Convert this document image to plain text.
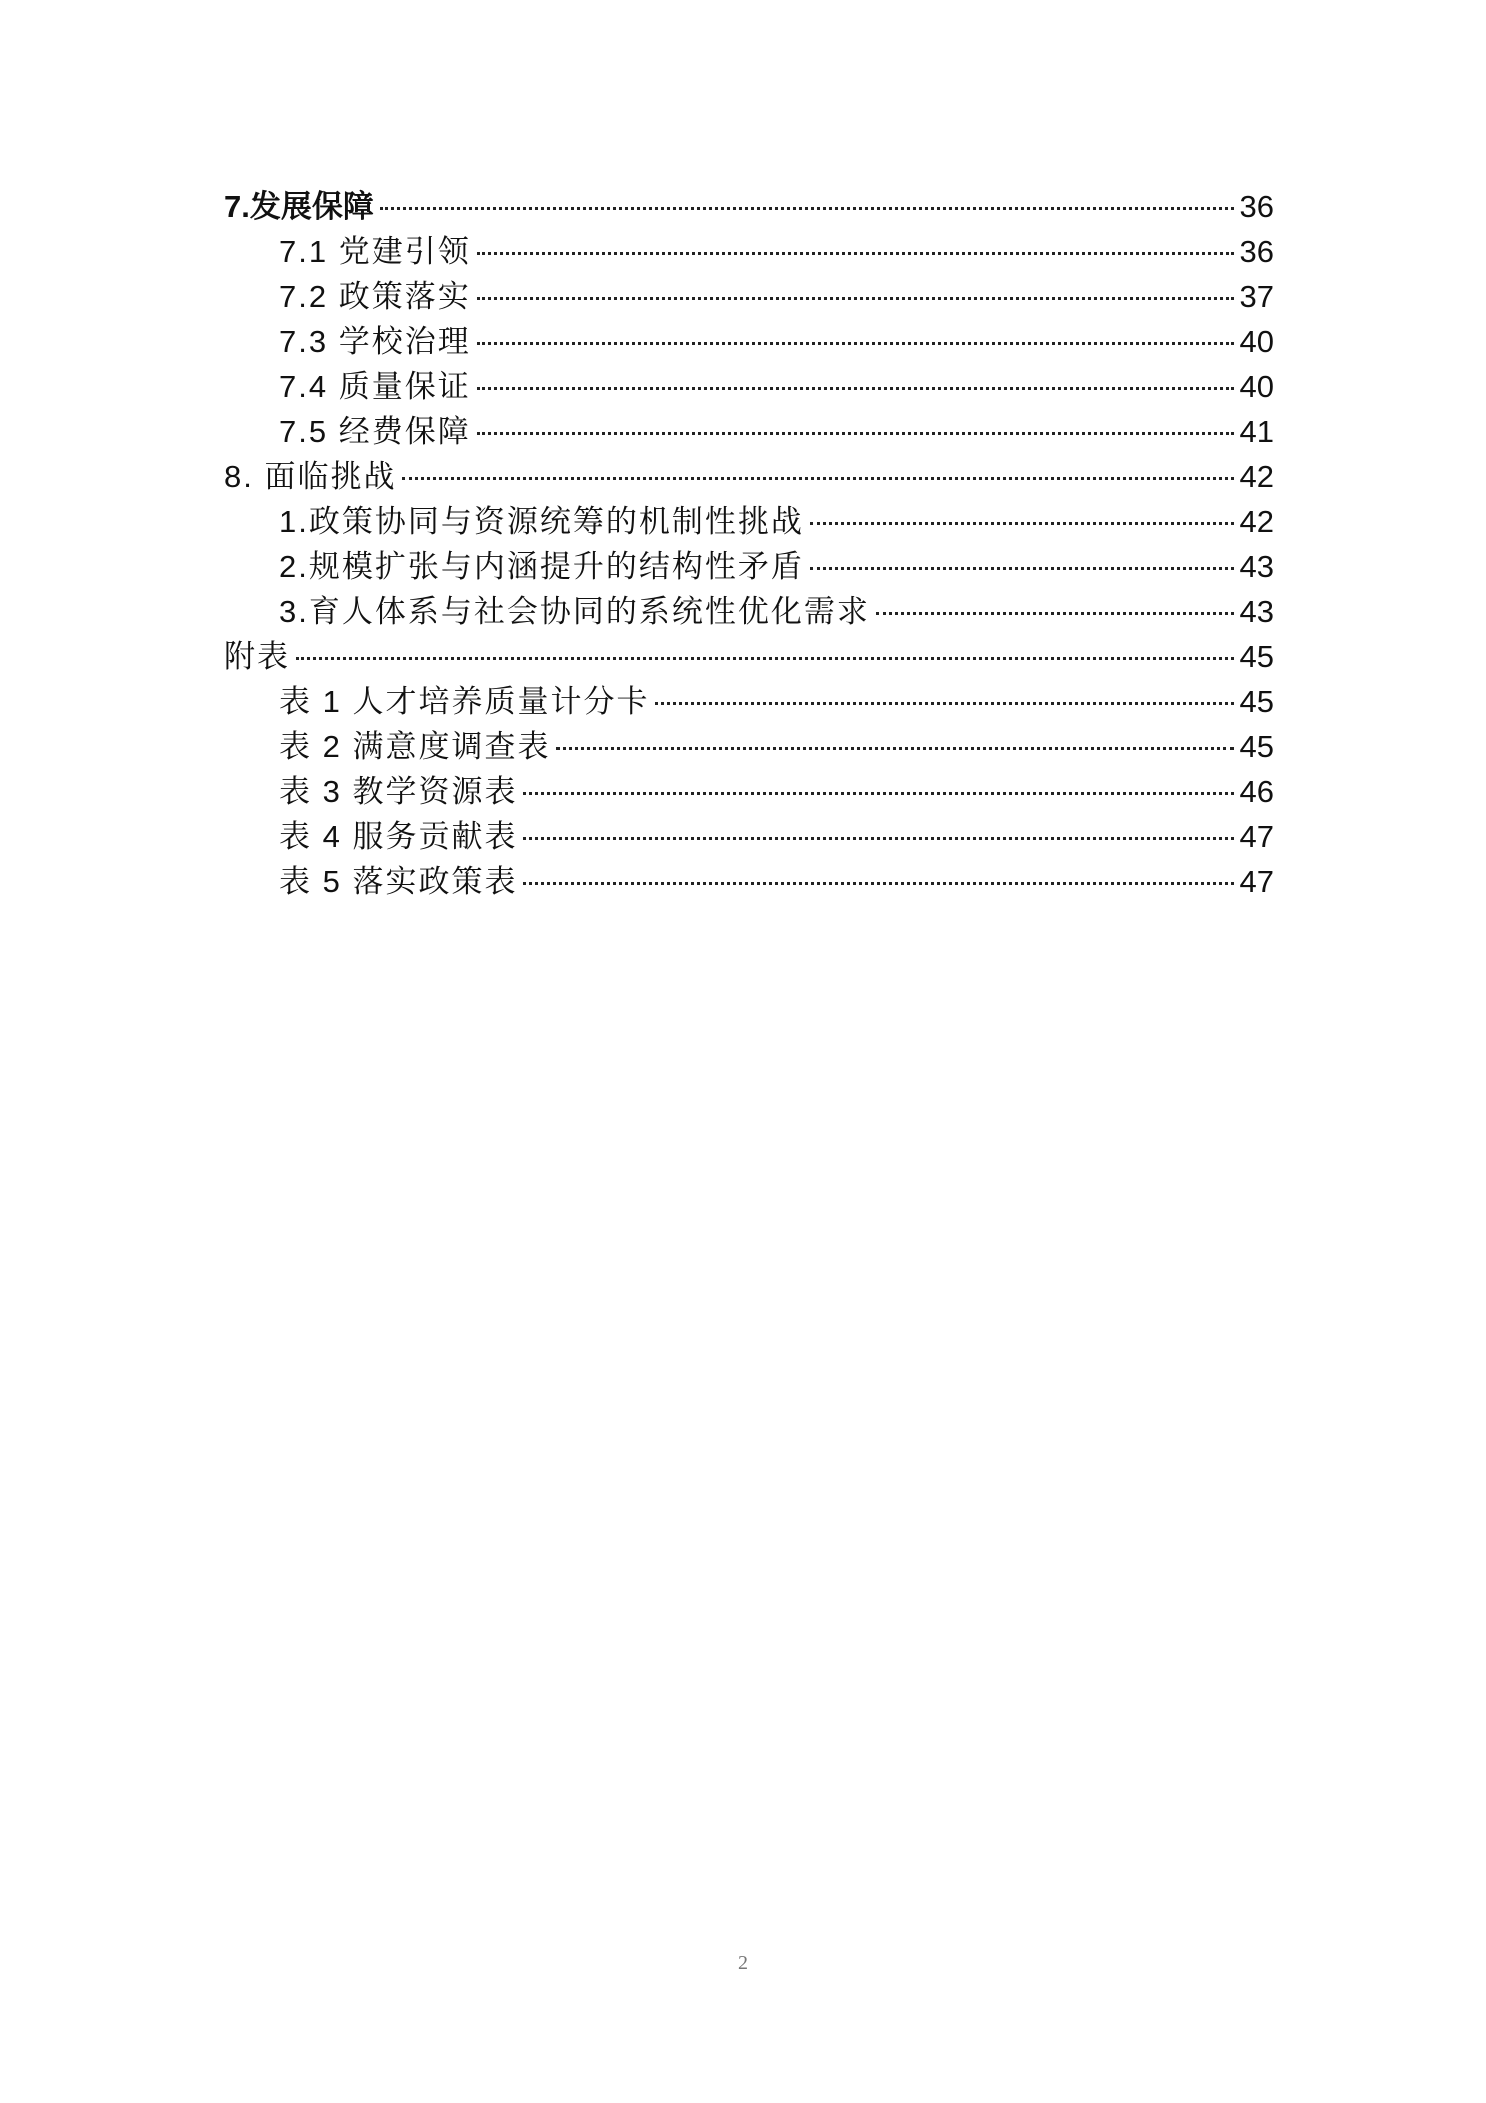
7.发展保障	36
7.1 党建引领	36
7.2 政策落实	37
7.3 学校治理	40
7.4 质量保证	40
7.5 经费保障	41
8. 面临挑战	42
1.政策协同与资源统筹的机制性挑战	42
2.规模扩张与内涵提升的结构性矛盾	43
3.育人体系与社会协同的系统性优化需求	43
附表	45
表 1 人才培养质量计分卡	45
表 2 满意度调查表	45
表 3 教学资源表	46
表 4 服务贡献表	47
表 5 落实政策表	47
2
